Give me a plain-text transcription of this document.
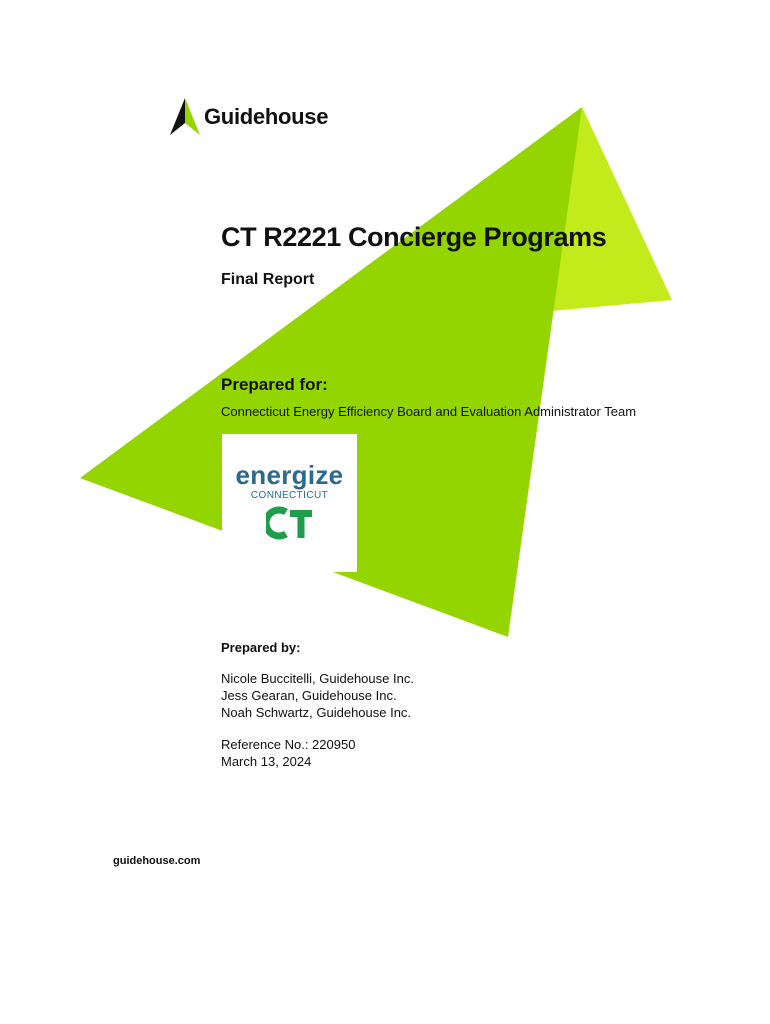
Guidehouse
CT R2221 Concierge Programs
Final Report
Prepared for:
Connecticut Energy Efficiency Board and Evaluation Administrator Team
energize
CONNECTICUT
Prepared by:
Nicole Buccitelli, Guidehouse Inc.
Jess Gearan, Guidehouse Inc.
Noah Schwartz, Guidehouse Inc.
Reference No.: 220950
March 13, 2024
guidehouse.com
